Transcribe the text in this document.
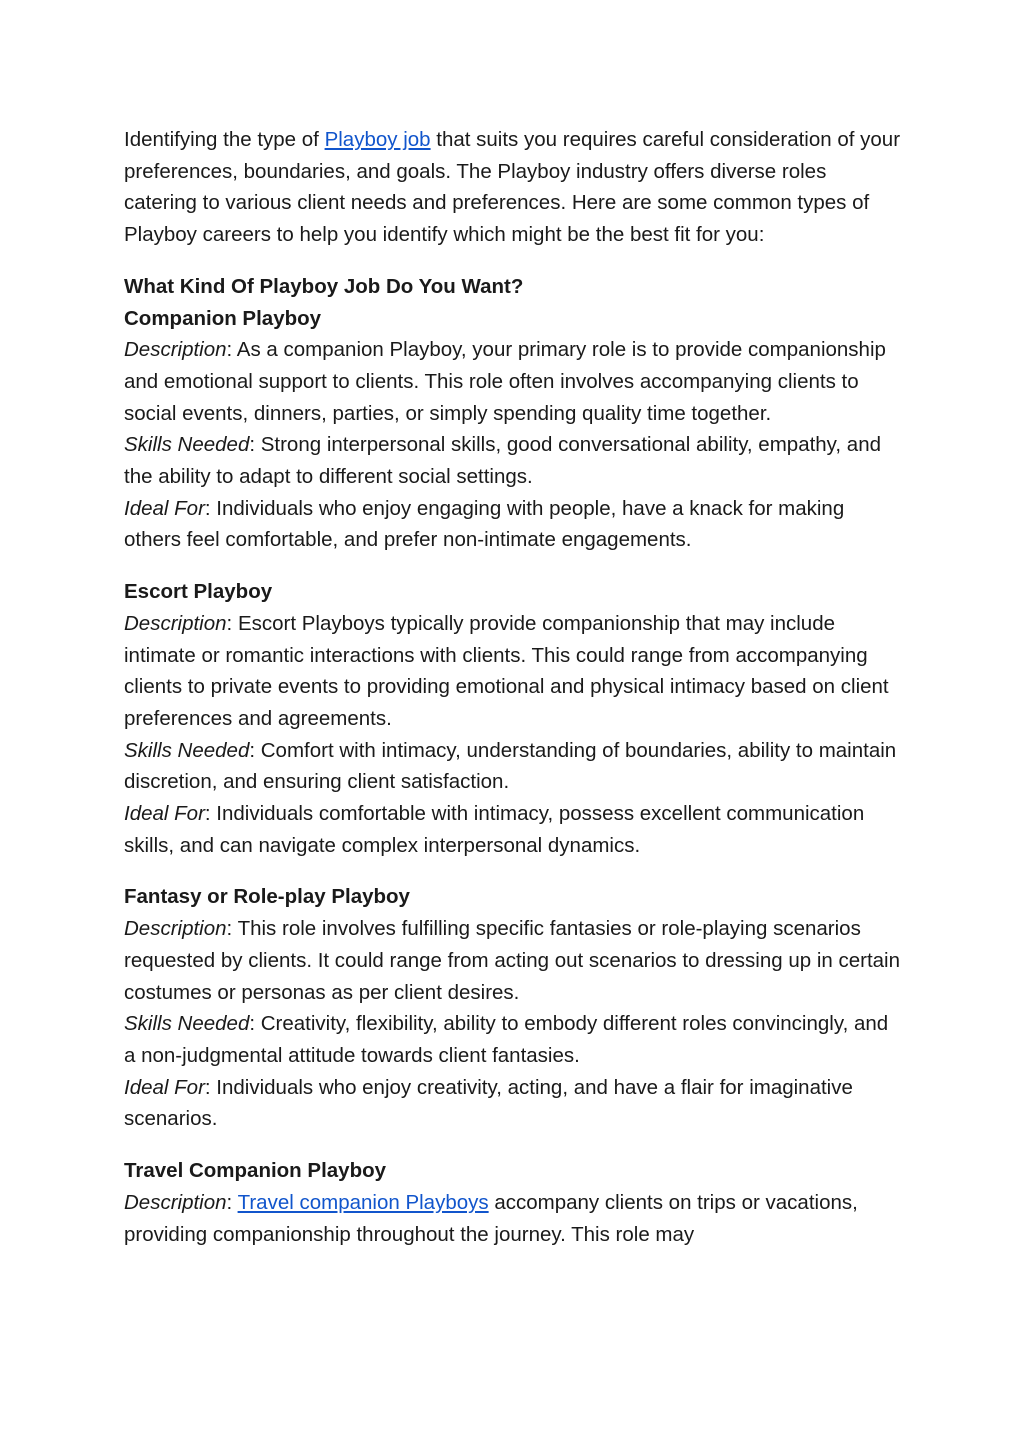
Identifying the type of Playboy job that suits you requires careful consideration of your preferences, boundaries, and goals. The Playboy industry offers diverse roles catering to various client needs and preferences. Here are some common types of Playboy careers to help you identify which might be the best fit for you:

What Kind Of Playboy Job Do You Want?

Companion Playboy

Description: As a companion Playboy, your primary role is to provide companionship and emotional support to clients. This role often involves accompanying clients to social events, dinners, parties, or simply spending quality time together.

Skills Needed: Strong interpersonal skills, good conversational ability, empathy, and the ability to adapt to different social settings.

Ideal For: Individuals who enjoy engaging with people, have a knack for making others feel comfortable, and prefer non-intimate engagements.

Escort Playboy

Description: Escort Playboys typically provide companionship that may include intimate or romantic interactions with clients. This could range from accompanying clients to private events to providing emotional and physical intimacy based on client preferences and agreements.

Skills Needed: Comfort with intimacy, understanding of boundaries, ability to maintain discretion, and ensuring client satisfaction.

Ideal For: Individuals comfortable with intimacy, possess excellent communication skills, and can navigate complex interpersonal dynamics.

Fantasy or Role-play Playboy

Description: This role involves fulfilling specific fantasies or role-playing scenarios requested by clients. It could range from acting out scenarios to dressing up in certain costumes or personas as per client desires.

Skills Needed: Creativity, flexibility, ability to embody different roles convincingly, and a non-judgmental attitude towards client fantasies.

Ideal For: Individuals who enjoy creativity, acting, and have a flair for imaginative scenarios.

Travel Companion Playboy

Description: Travel companion Playboys accompany clients on trips or vacations, providing companionship throughout the journey. This role may
